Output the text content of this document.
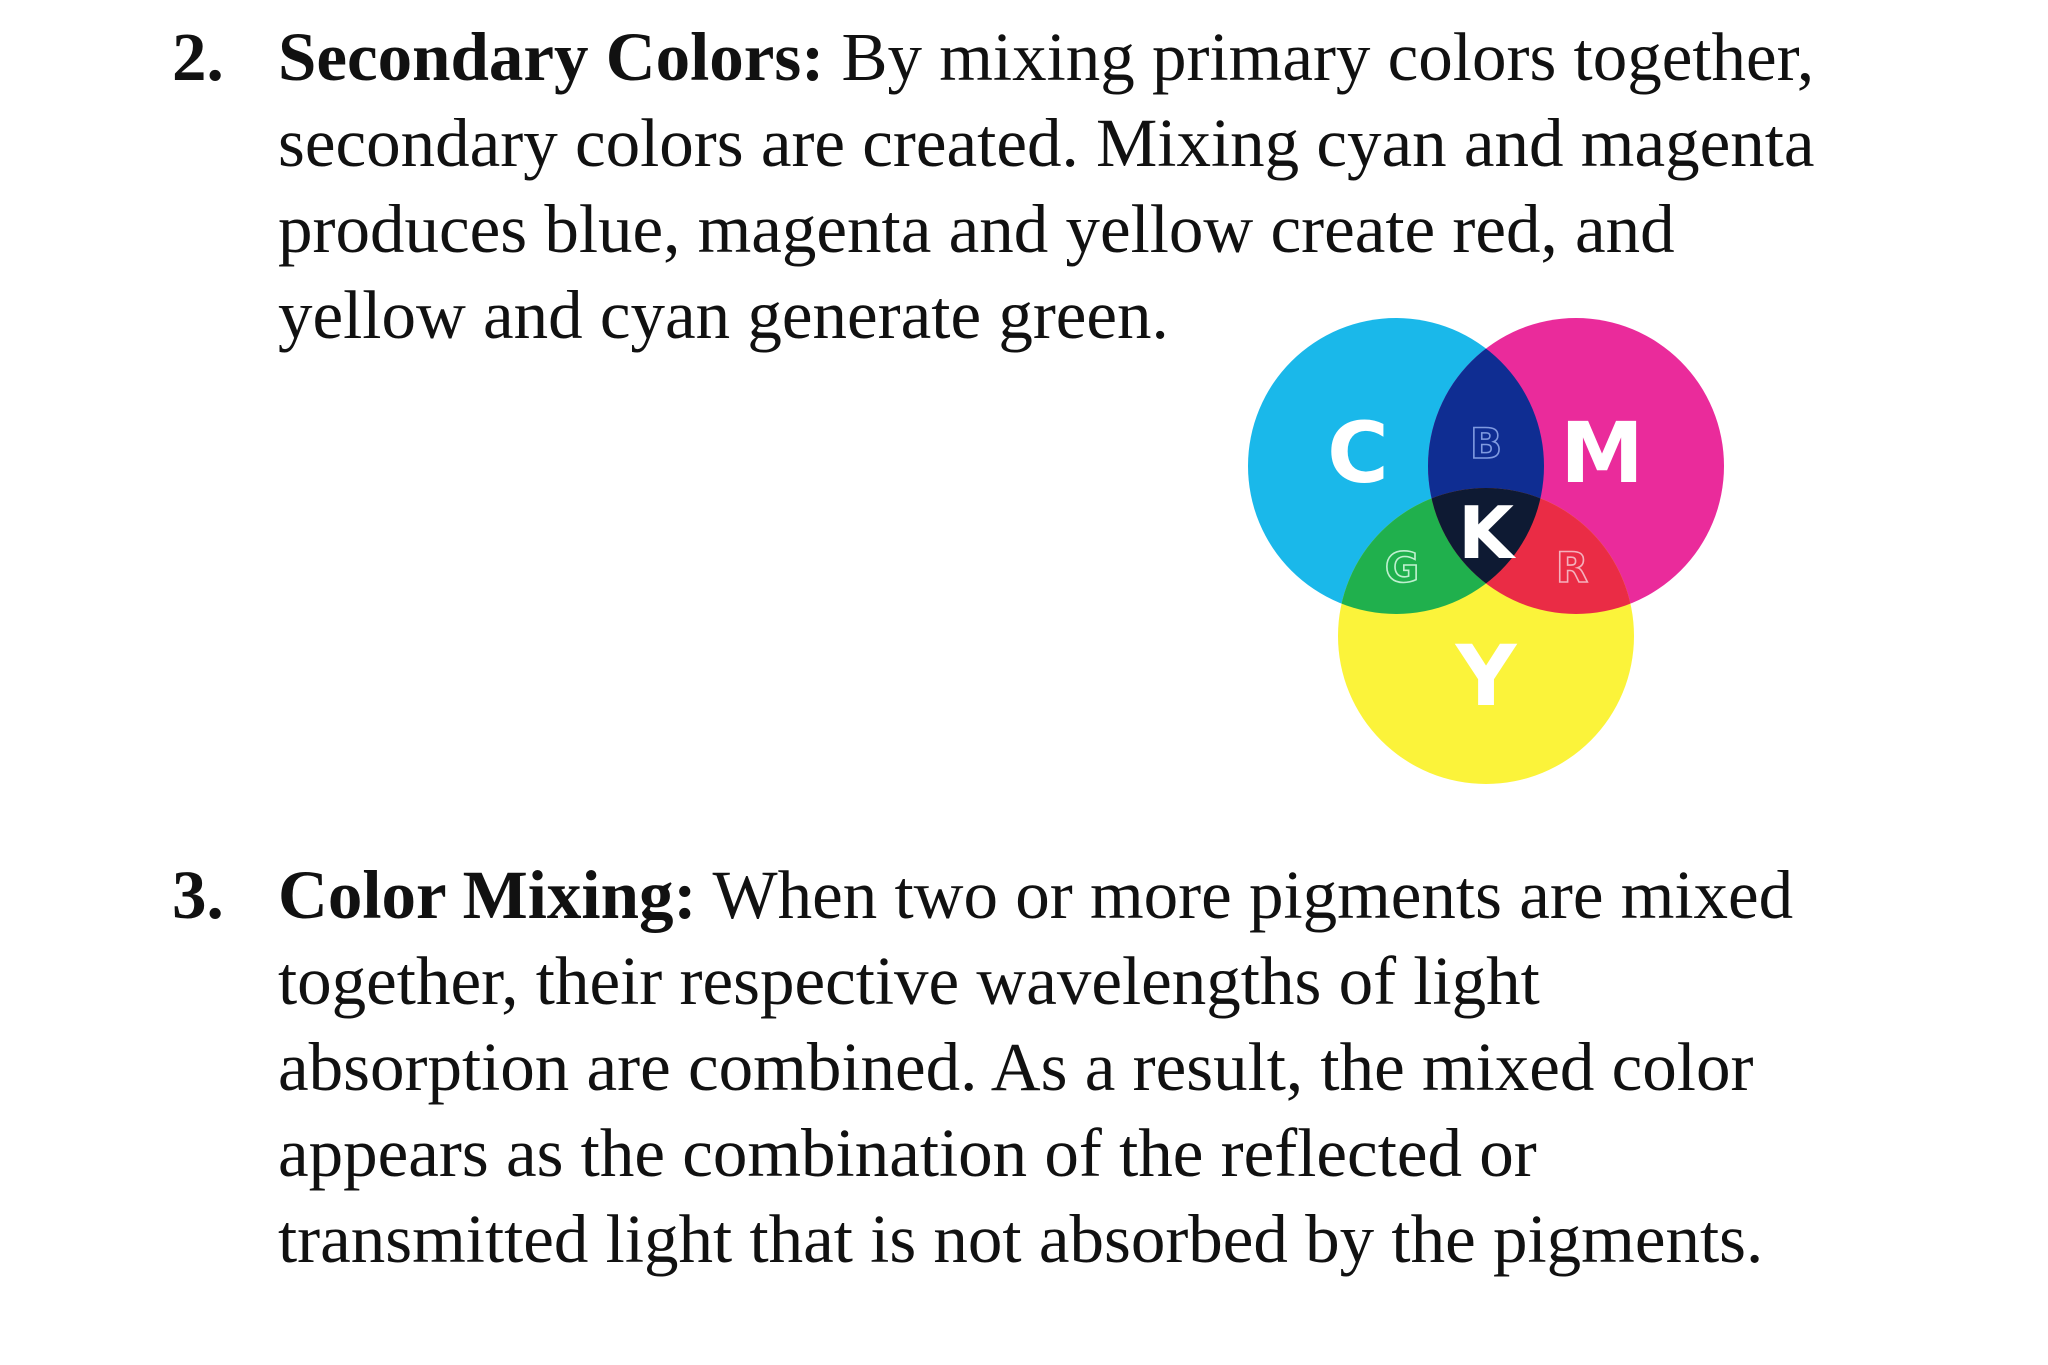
2. Secondary Colors: By mixing primary colors together,
secondary colors are created. Mixing cyan and magenta
produces blue, magenta and yellow create red, and
yellow and cyan generate green.
C M
Y
B
R
G K
3. Color Mixing: When two or more pigments are mixed
together, their respective wavelengths of light
absorption are combined. As a result, the mixed color
appears as the combination of the reflected or
transmitted light that is not absorbed by the pigments.
